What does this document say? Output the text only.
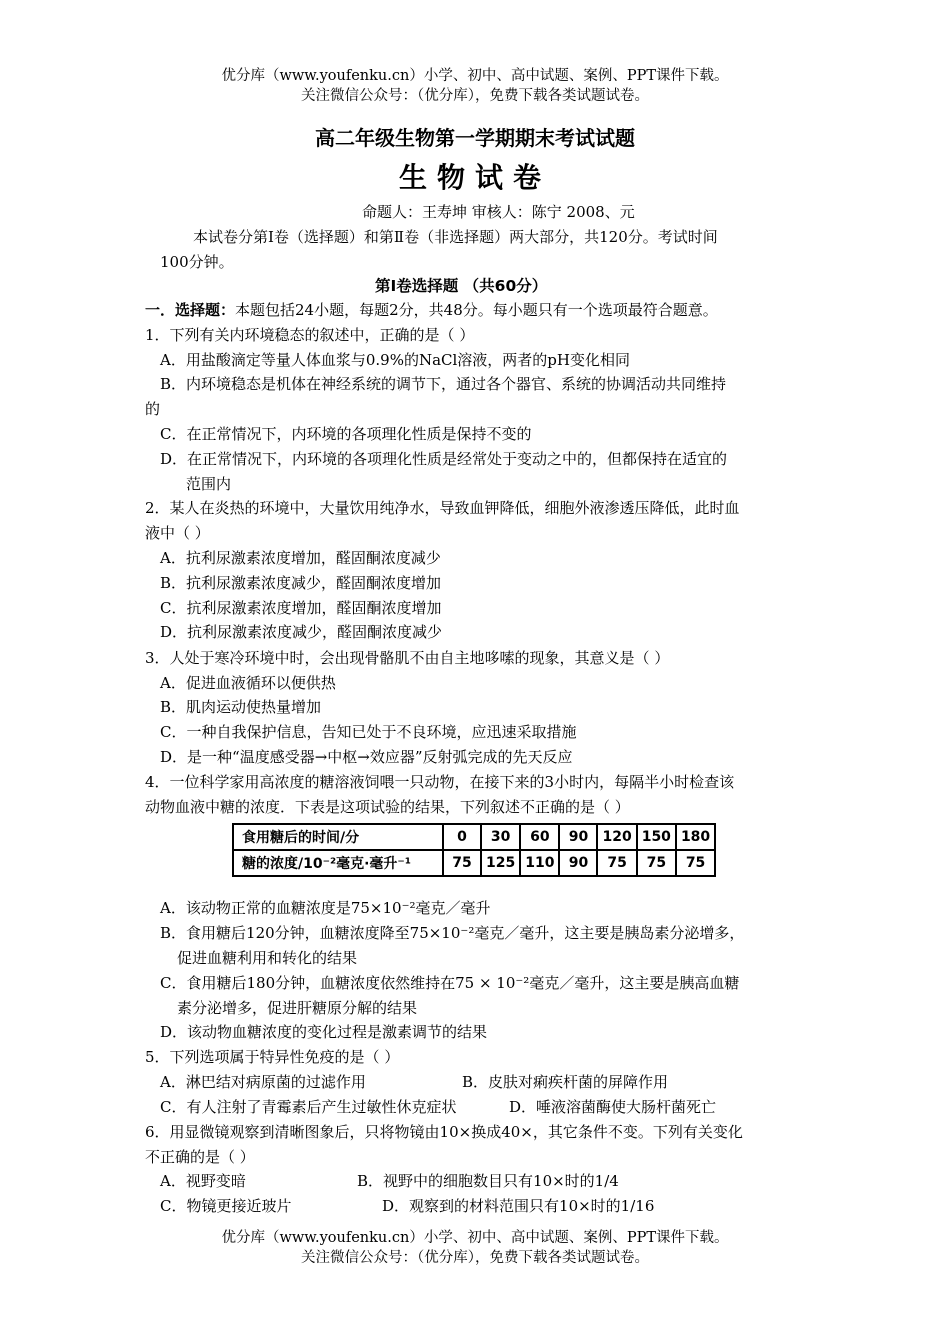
优分库（www.youfenku.cn）小学、初中、高中试题、案例、PPT课件下载。
关注微信公众号：（优分库），免费下载各类试题试卷。
高二年级生物第一学期期末考试试题
生物试卷
命题人：王寿坤 审核人：陈宁 2008、元
本试卷分第Ⅰ卷（选择题）和第Ⅱ卷（非选择题）两大部分，共120分。考试时间
100分钟。
第Ⅰ卷选择题 （共60分）
一．选择题：本题包括24小题，每题2分，共48分。每小题只有一个选项最符合题意。
1．下列有关内环境稳态的叙述中，正确的是（ ）
A．用盐酸滴定等量人体血浆与0.9%的NaCl溶液，两者的pH变化相同
B．内环境稳态是机体在神经系统的调节下，通过各个器官、系统的协调活动共同维持
的
C．在正常情况下，内环境的各项理化性质是保持不变的
D．在正常情况下，内环境的各项理化性质是经常处于变动之中的，但都保持在适宜的
范围内
2．某人在炎热的环境中，大量饮用纯净水，导致血钾降低，细胞外液渗透压降低，此时血
液中（ ）
A．抗利尿激素浓度增加，醛固酮浓度减少
B．抗利尿激素浓度减少，醛固酮浓度增加
C．抗利尿激素浓度增加，醛固酮浓度增加
D．抗利尿激素浓度减少，醛固酮浓度减少
3．人处于寒冷环境中时，会出现骨骼肌不由自主地哆嗦的现象，其意义是（ ）
A．促进血液循环以便供热
B．肌肉运动使热量增加
C．一种自我保护信息，告知已处于不良环境，应迅速采取措施
D．是一种“温度感受器→中枢→效应器”反射弧完成的先天反应
4．一位科学家用高浓度的糖溶液饲喂一只动物，在接下来的3小时内，每隔半小时检查该
动物血液中糖的浓度．下表是这项试验的结果，下列叙述不正确的是（ ）
食用糖后的时间/分	0	30	60	90	120	150	180
糖的浓度/10⁻²毫克·毫升⁻¹	75	125	110	90	75	75	75
A．该动物正常的血糖浓度是75×10⁻²毫克／毫升
B．食用糖后120分钟，血糖浓度降至75×10⁻²毫克／毫升，这主要是胰岛素分泌增多，
促进血糖利用和转化的结果
C．食用糖后180分钟，血糖浓度依然维持在75 × 10⁻²毫克／毫升，这主要是胰高血糖
素分泌增多，促进肝糖原分解的结果
D．该动物血糖浓度的变化过程是激素调节的结果
5．下列选项属于特异性免疫的是（ ）
A．淋巴结对病原菌的过滤作用	B．皮肤对痢疾杆菌的屏障作用
C．有人注射了青霉素后产生过敏性休克症状	D．唾液溶菌酶使大肠杆菌死亡
6．用显微镜观察到清晰图象后，只将物镜由10×换成40×，其它条件不变。下列有关变化
不正确的是（ ）
A．视野变暗	B．视野中的细胞数目只有10×时的1/4
C．物镜更接近玻片	D．观察到的材料范围只有10×时的1/16
优分库（www.youfenku.cn）小学、初中、高中试题、案例、PPT课件下载。
关注微信公众号：（优分库），免费下载各类试题试卷。
